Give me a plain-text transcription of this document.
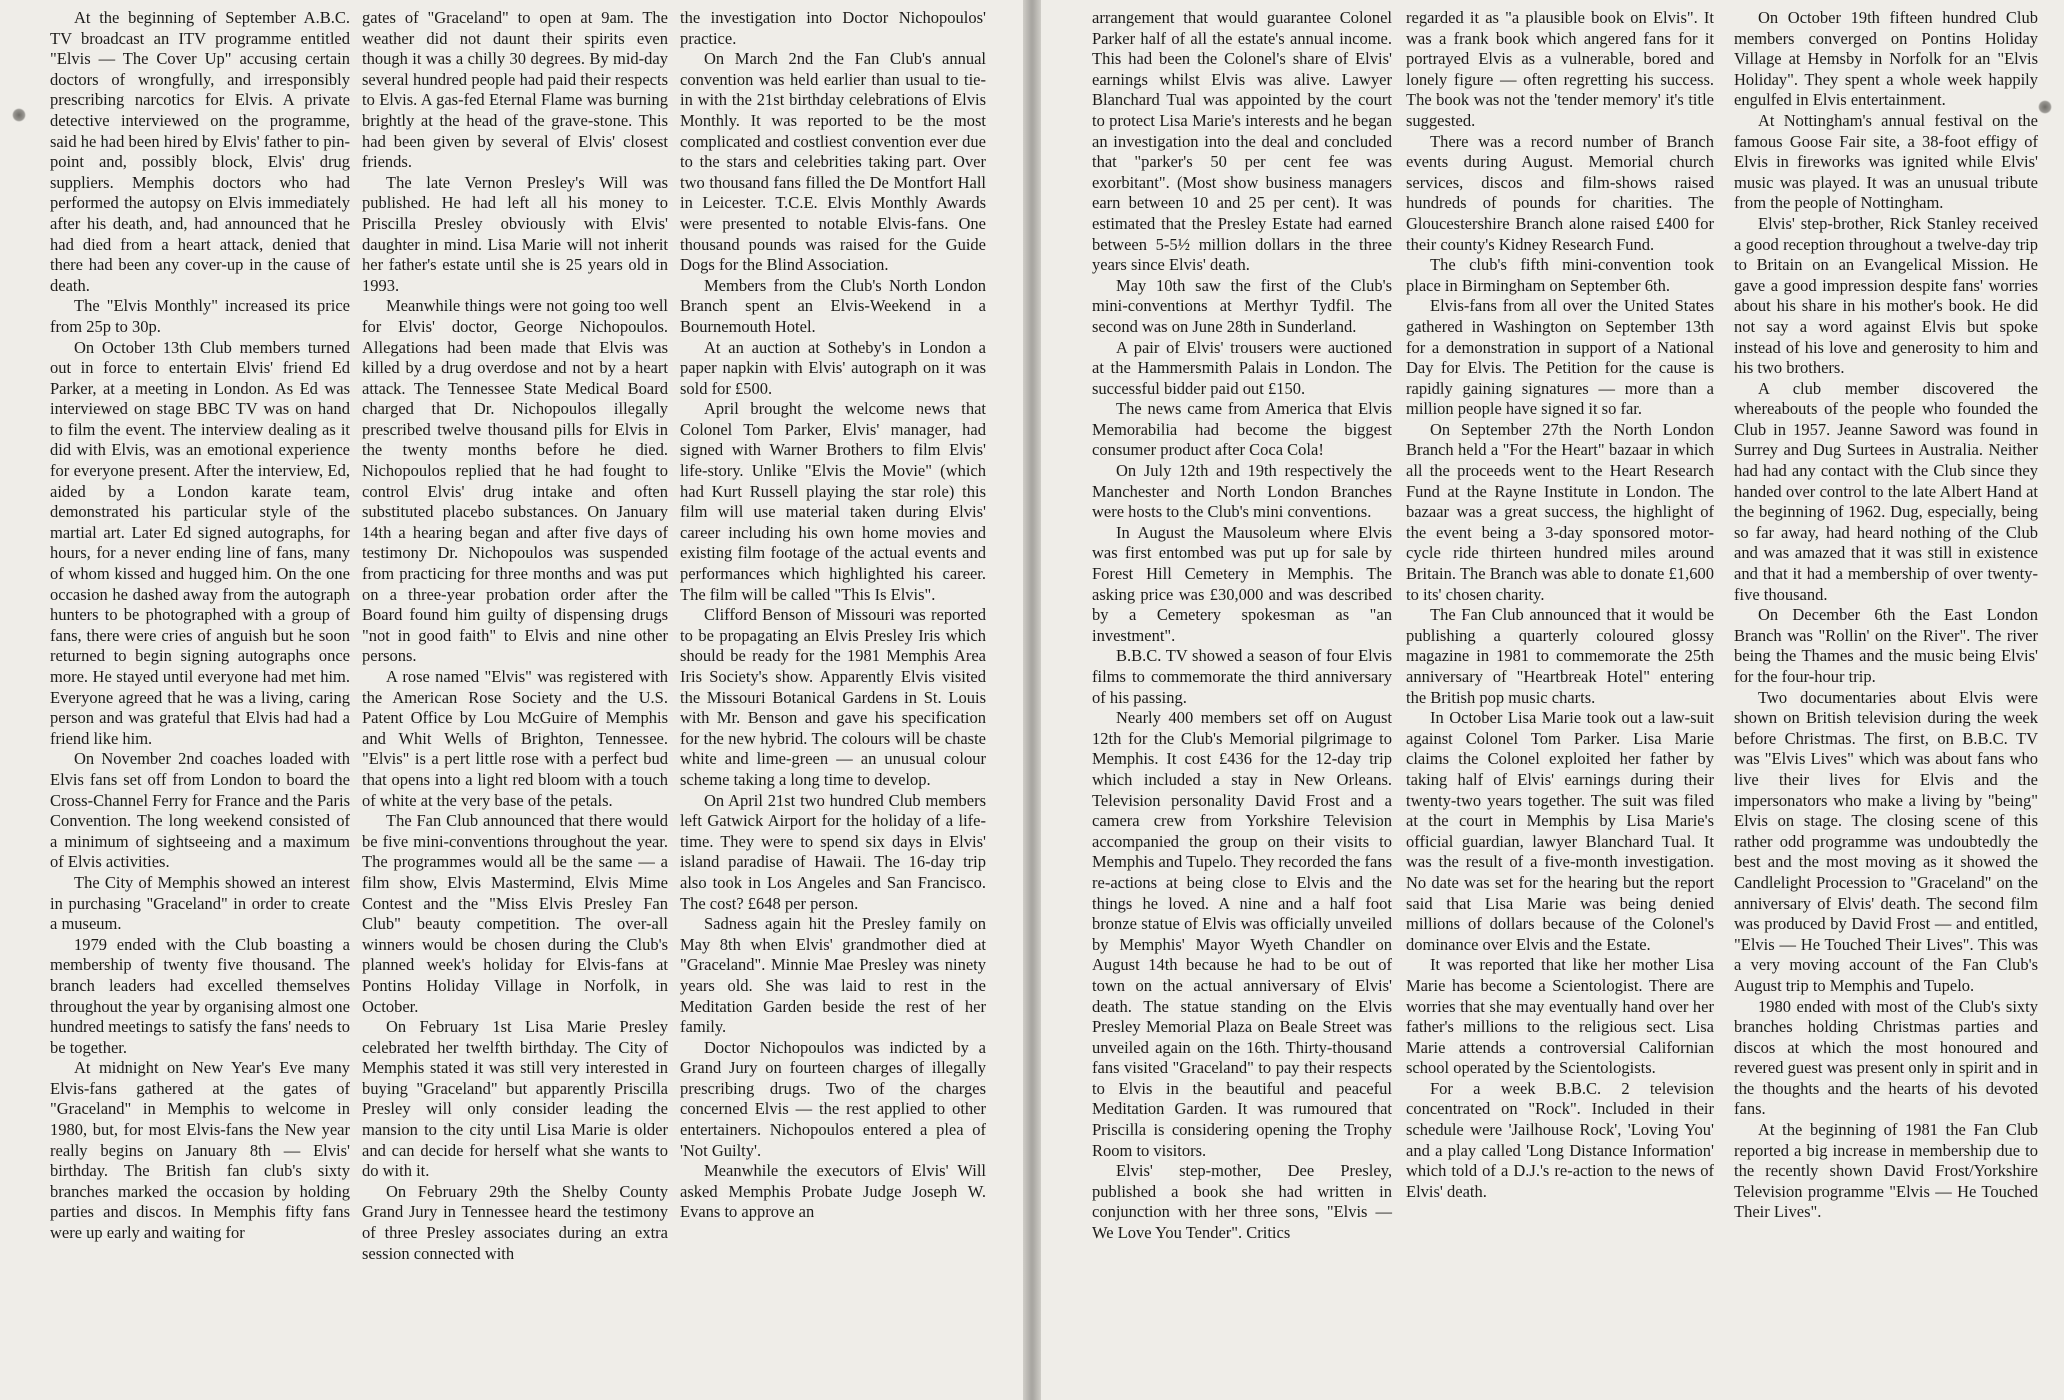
At the beginning of September A.B.C. TV broadcast an ITV programme entitled "Elvis — The Cover Up" accusing certain doctors of wrongfully, and irresponsibly prescribing narcotics for Elvis. A private detective interviewed on the programme, said he had been hired by Elvis' father to pin-point and, possibly block, Elvis' drug suppliers. Memphis doctors who had performed the autopsy on Elvis immediately after his death, and, had announced that he had died from a heart attack, denied that there had been any cover-up in the cause of death.

The "Elvis Monthly" increased its price from 25p to 30p.

On October 13th Club members turned out in force to entertain Elvis' friend Ed Parker, at a meeting in London. As Ed was interviewed on stage BBC TV was on hand to film the event. The interview dealing as it did with Elvis, was an emotional experience for everyone present. After the interview, Ed, aided by a London karate team, demonstrated his particular style of the martial art. Later Ed signed autographs, for hours, for a never ending line of fans, many of whom kissed and hugged him. On the one occasion he dashed away from the autograph hunters to be photographed with a group of fans, there were cries of anguish but he soon returned to begin signing autographs once more. He stayed until everyone had met him. Everyone agreed that he was a living, caring person and was grateful that Elvis had had a friend like him.

On November 2nd coaches loaded with Elvis fans set off from London to board the Cross-Channel Ferry for France and the Paris Convention. The long weekend consisted of a minimum of sightseeing and a maximum of Elvis activities.

The City of Memphis showed an interest in purchasing "Graceland" in order to create a museum.

1979 ended with the Club boasting a membership of twenty five thousand. The branch leaders had excelled themselves throughout the year by organising almost one hundred meetings to satisfy the fans' needs to be together.

At midnight on New Year's Eve many Elvis-fans gathered at the gates of "Graceland" in Memphis to welcome in 1980, but, for most Elvis-fans the New year really begins on January 8th — Elvis' birthday. The British fan club's sixty branches marked the occasion by holding parties and discos. In Memphis fifty fans were up early and waiting for

gates of "Graceland" to open at 9am. The weather did not daunt their spirits even though it was a chilly 30 degrees. By mid-day several hundred people had paid their respects to Elvis. A gas-fed Eternal Flame was burning brightly at the head of the grave-stone. This had been given by several of Elvis' closest friends.

The late Vernon Presley's Will was published. He had left all his money to Priscilla Presley obviously with Elvis' daughter in mind. Lisa Marie will not inherit her father's estate until she is 25 years old in 1993.

Meanwhile things were not going too well for Elvis' doctor, George Nichopoulos. Allegations had been made that Elvis was killed by a drug overdose and not by a heart attack. The Tennessee State Medical Board charged that Dr. Nichopoulos illegally prescribed twelve thousand pills for Elvis in the twenty months before he died. Nichopoulos replied that he had fought to control Elvis' drug intake and often substituted placebo substances. On January 14th a hearing began and after five days of testimony Dr. Nichopoulos was suspended from practicing for three months and was put on a three-year probation order after the Board found him guilty of dispensing drugs "not in good faith" to Elvis and nine other persons.

A rose named "Elvis" was registered with the American Rose Society and the U.S. Patent Office by Lou McGuire of Memphis and Whit Wells of Brighton, Tennessee. "Elvis" is a pert little rose with a perfect bud that opens into a light red bloom with a touch of white at the very base of the petals.

The Fan Club announced that there would be five mini-conventions throughout the year. The programmes would all be the same — a film show, Elvis Mastermind, Elvis Mime Contest and the "Miss Elvis Presley Fan Club" beauty competition. The over-all winners would be chosen during the Club's planned week's holiday for Elvis-fans at Pontins Holiday Village in Norfolk, in October.

On February 1st Lisa Marie Presley celebrated her twelfth birthday. The City of Memphis stated it was still very interested in buying "Graceland" but apparently Priscilla Presley will only consider leading the mansion to the city until Lisa Marie is older and can decide for herself what she wants to do with it.

On February 29th the Shelby County Grand Jury in Tennessee heard the testimony of three Presley associates during an extra session connected with

the investigation into Doctor Nichopoulos' practice.

On March 2nd the Fan Club's annual convention was held earlier than usual to tie-in with the 21st birthday celebrations of Elvis Monthly. It was reported to be the most complicated and costliest convention ever due to the stars and celebrities taking part. Over two thousand fans filled the De Montfort Hall in Leicester. T.C.E. Elvis Monthly Awards were presented to notable Elvis-fans. One thousand pounds was raised for the Guide Dogs for the Blind Association.

Members from the Club's North London Branch spent an Elvis-Weekend in a Bournemouth Hotel.

At an auction at Sotheby's in London a paper napkin with Elvis' autograph on it was sold for £500.

April brought the welcome news that Colonel Tom Parker, Elvis' manager, had signed with Warner Brothers to film Elvis' life-story. Unlike "Elvis the Movie" (which had Kurt Russell playing the star role) this film will use material taken during Elvis' career including his own home movies and existing film footage of the actual events and performances which highlighted his career. The film will be called "This Is Elvis".

Clifford Benson of Missouri was reported to be propagating an Elvis Presley Iris which should be ready for the 1981 Memphis Area Iris Society's show. Apparently Elvis visited the Missouri Botanical Gardens in St. Louis with Mr. Benson and gave his specification for the new hybrid. The colours will be chaste white and lime-green — an unusual colour scheme taking a long time to develop.

On April 21st two hundred Club members left Gatwick Airport for the holiday of a life-time. They were to spend six days in Elvis' island paradise of Hawaii. The 16-day trip also took in Los Angeles and San Francisco. The cost? £648 per person.

Sadness again hit the Presley family on May 8th when Elvis' grandmother died at "Graceland". Minnie Mae Presley was ninety years old. She was laid to rest in the Meditation Garden beside the rest of her family.

Doctor Nichopoulos was indicted by a Grand Jury on fourteen charges of illegally prescribing drugs. Two of the charges concerned Elvis — the rest applied to other entertainers. Nichopoulos entered a plea of 'Not Guilty'.

Meanwhile the executors of Elvis' Will asked Memphis Probate Judge Joseph W. Evans to approve an

arrangement that would guarantee Colonel Parker half of all the estate's annual income. This had been the Colonel's share of Elvis' earnings whilst Elvis was alive. Lawyer Blanchard Tual was appointed by the court to protect Lisa Marie's interests and he began an investigation into the deal and concluded that "parker's 50 per cent fee was exorbitant". (Most show business managers earn between 10 and 25 per cent). It was estimated that the Presley Estate had earned between 5-5½ million dollars in the three years since Elvis' death.

May 10th saw the first of the Club's mini-conventions at Merthyr Tydfil. The second was on June 28th in Sunderland.

A pair of Elvis' trousers were auctioned at the Hammersmith Palais in London. The successful bidder paid out £150.

The news came from America that Elvis Memorabilia had become the biggest consumer product after Coca Cola!

On July 12th and 19th respectively the Manchester and North London Branches were hosts to the Club's mini conventions.

In August the Mausoleum where Elvis was first entombed was put up for sale by Forest Hill Cemetery in Memphis. The asking price was £30,000 and was described by a Cemetery spokesman as "an investment".

B.B.C. TV showed a season of four Elvis films to commemorate the third anniversary of his passing.

Nearly 400 members set off on August 12th for the Club's Memorial pilgrimage to Memphis. It cost £436 for the 12-day trip which included a stay in New Orleans. Television personality David Frost and a camera crew from Yorkshire Television accompanied the group on their visits to Memphis and Tupelo. They recorded the fans re-actions at being close to Elvis and the things he loved. A nine and a half foot bronze statue of Elvis was officially unveiled by Memphis' Mayor Wyeth Chandler on August 14th because he had to be out of town on the actual anniversary of Elvis' death. The statue standing on the Elvis Presley Memorial Plaza on Beale Street was unveiled again on the 16th. Thirty-thousand fans visited "Graceland" to pay their respects to Elvis in the beautiful and peaceful Meditation Garden. It was rumoured that Priscilla is considering opening the Trophy Room to visitors.

Elvis' step-mother, Dee Presley, published a book she had written in conjunction with her three sons, "Elvis — We Love You Tender". Critics

regarded it as "a plausible book on Elvis". It was a frank book which angered fans for it portrayed Elvis as a vulnerable, bored and lonely figure — often regretting his success. The book was not the 'tender memory' it's title suggested.

There was a record number of Branch events during August. Memorial church services, discos and film-shows raised hundreds of pounds for charities. The Gloucestershire Branch alone raised £400 for their county's Kidney Research Fund.

The club's fifth mini-convention took place in Birmingham on September 6th.

Elvis-fans from all over the United States gathered in Washington on September 13th for a demonstration in support of a National Day for Elvis. The Petition for the cause is rapidly gaining signatures — more than a million people have signed it so far.

On September 27th the North London Branch held a "For the Heart" bazaar in which all the proceeds went to the Heart Research Fund at the Rayne Institute in London. The bazaar was a great success, the highlight of the event being a 3-day sponsored motor-cycle ride thirteen hundred miles around Britain. The Branch was able to donate £1,600 to its' chosen charity.

The Fan Club announced that it would be publishing a quarterly coloured glossy magazine in 1981 to commemorate the 25th anniversary of "Heartbreak Hotel" entering the British pop music charts.

In October Lisa Marie took out a law-suit against Colonel Tom Parker. Lisa Marie claims the Colonel exploited her father by taking half of Elvis' earnings during their twenty-two years together. The suit was filed at the court in Memphis by Lisa Marie's official guardian, lawyer Blanchard Tual. It was the result of a five-month investigation. No date was set for the hearing but the report said that Lisa Marie was being denied millions of dollars because of the Colonel's dominance over Elvis and the Estate.

It was reported that like her mother Lisa Marie has become a Scientologist. There are worries that she may eventually hand over her father's millions to the religious sect. Lisa Marie attends a controversial Californian school operated by the Scientologists.

For a week B.B.C. 2 television concentrated on "Rock". Included in their schedule were 'Jailhouse Rock', 'Loving You' and a play called 'Long Distance Information' which told of a D.J.'s re-action to the news of Elvis' death.

On October 19th fifteen hundred Club members converged on Pontins Holiday Village at Hemsby in Norfolk for an "Elvis Holiday". They spent a whole week happily engulfed in Elvis entertainment.

At Nottingham's annual festival on the famous Goose Fair site, a 38-foot effigy of Elvis in fireworks was ignited while Elvis' music was played. It was an unusual tribute from the people of Nottingham.

Elvis' step-brother, Rick Stanley received a good reception throughout a twelve-day trip to Britain on an Evangelical Mission. He gave a good impression despite fans' worries about his share in his mother's book. He did not say a word against Elvis but spoke instead of his love and generosity to him and his two brothers.

A club member discovered the whereabouts of the people who founded the Club in 1957. Jeanne Saword was found in Surrey and Dug Surtees in Australia. Neither had had any contact with the Club since they handed over control to the late Albert Hand at the beginning of 1962. Dug, especially, being so far away, had heard nothing of the Club and was amazed that it was still in existence and that it had a membership of over twenty-five thousand.

On December 6th the East London Branch was "Rollin' on the River". The river being the Thames and the music being Elvis' for the four-hour trip.

Two documentaries about Elvis were shown on British television during the week before Christmas. The first, on B.B.C. TV was "Elvis Lives" which was about fans who live their lives for Elvis and the impersonators who make a living by "being" Elvis on stage. The closing scene of this rather odd programme was undoubtedly the best and the most moving as it showed the Candlelight Procession to "Graceland" on the anniversary of Elvis' death. The second film was produced by David Frost — and entitled, "Elvis — He Touched Their Lives". This was a very moving account of the Fan Club's August trip to Memphis and Tupelo.

1980 ended with most of the Club's sixty branches holding Christmas parties and discos at which the most honoured and revered guest was present only in spirit and in the thoughts and the hearts of his devoted fans.

At the beginning of 1981 the Fan Club reported a big increase in membership due to the recently shown David Frost/Yorkshire Television programme "Elvis — He Touched Their Lives".
